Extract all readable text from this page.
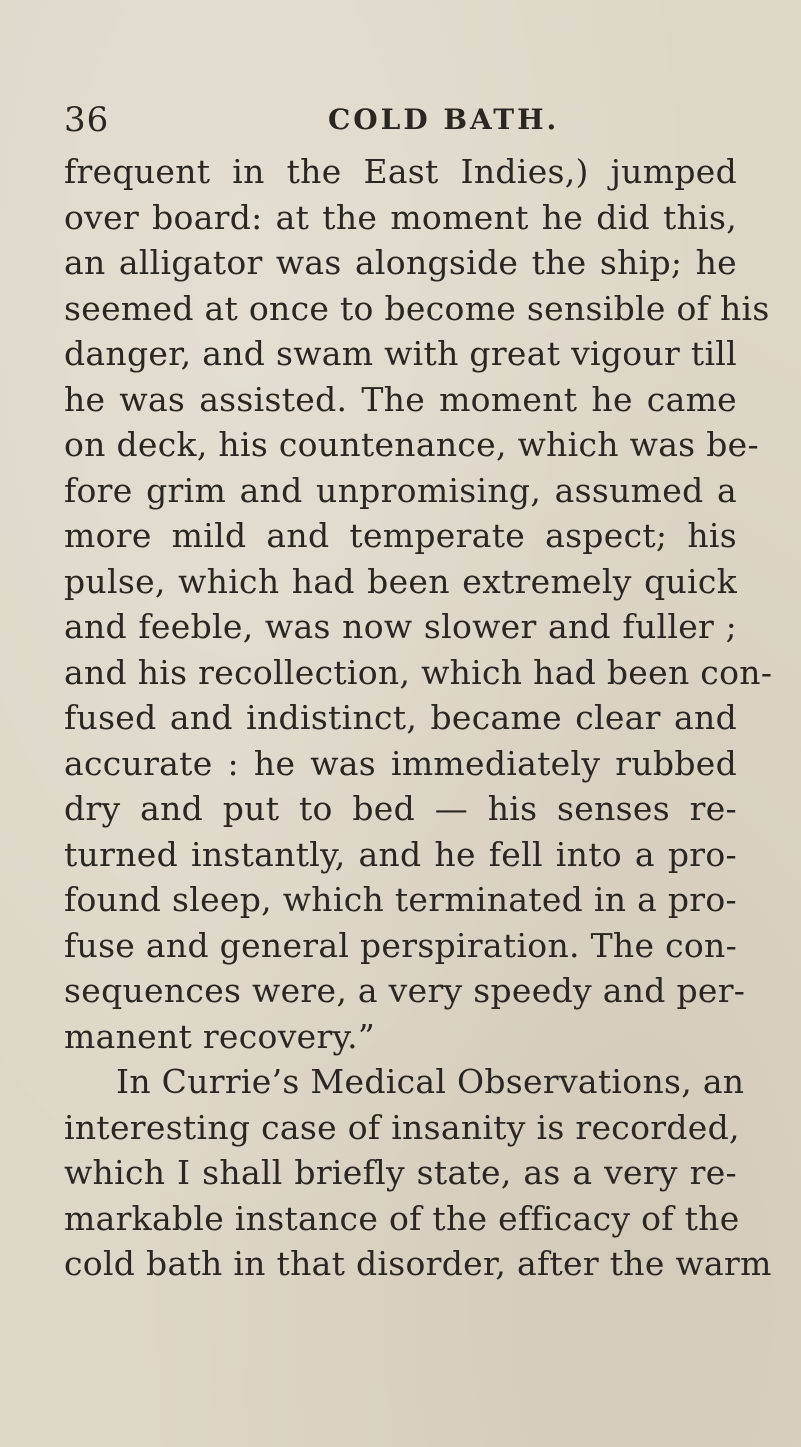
36	COLD BATH.
frequent in the East Indies,) jumped
over board: at the moment he did this,
an alligator was alongside the ship; he
seemed at once to become sensible of his
danger, and swam with great vigour till
he was assisted. The moment he came
on deck, his countenance, which was be-
fore grim and unpromising, assumed a
more mild and temperate aspect; his
pulse, which had been extremely quick
and feeble, was now slower and fuller ;
and his recollection, which had been con-
fused and indistinct, became clear and
accurate : he was immediately rubbed
dry and put to bed — his senses re-
turned instantly, and he fell into a pro-
found sleep, which terminated in a pro-
fuse and general perspiration. The con-
sequences were, a very speedy and per-
manent recovery.”
In Currie’s Medical Observations, an
interesting case of insanity is recorded,
which I shall briefly state, as a very re-
markable instance of the efficacy of the
cold bath in that disorder, after the warm
